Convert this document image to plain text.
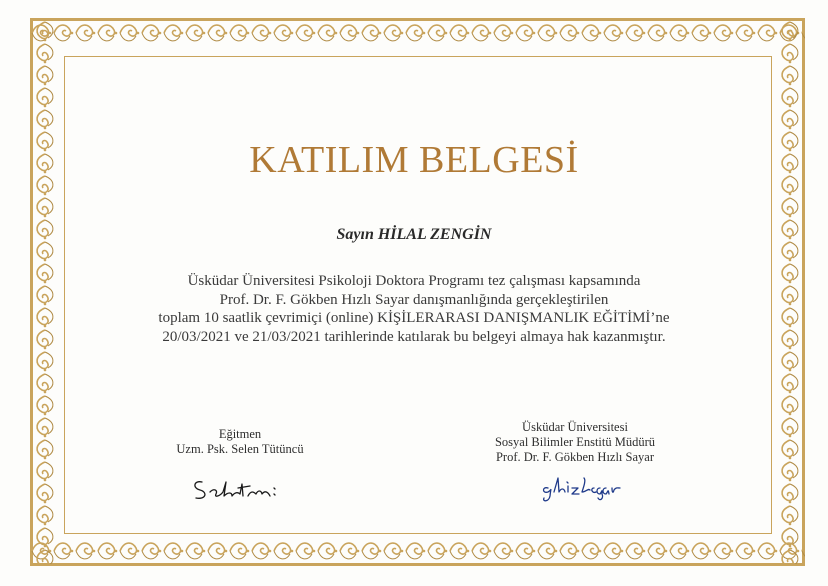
KATILIM BELGESİ
Sayın HİLAL ZENGİN
Üsküdar Üniversitesi Psikoloji Doktora Programı tez çalışması kapsamında
Prof. Dr. F. Gökben Hızlı Sayar danışmanlığında gerçekleştirilen
toplam 10 saatlik çevrimiçi (online) KİŞİLERARASI DANIŞMANLIK EĞİTİMİ’ne
20/03/2021 ve 21/03/2021 tarihlerinde katılarak bu belgeyi almaya hak kazanmıştır.
Eğitmen
Uzm. Psk. Selen Tütüncü
Üsküdar Üniversitesi
Sosyal Bilimler Enstitü Müdürü
Prof. Dr. F. Gökben Hızlı Sayar
